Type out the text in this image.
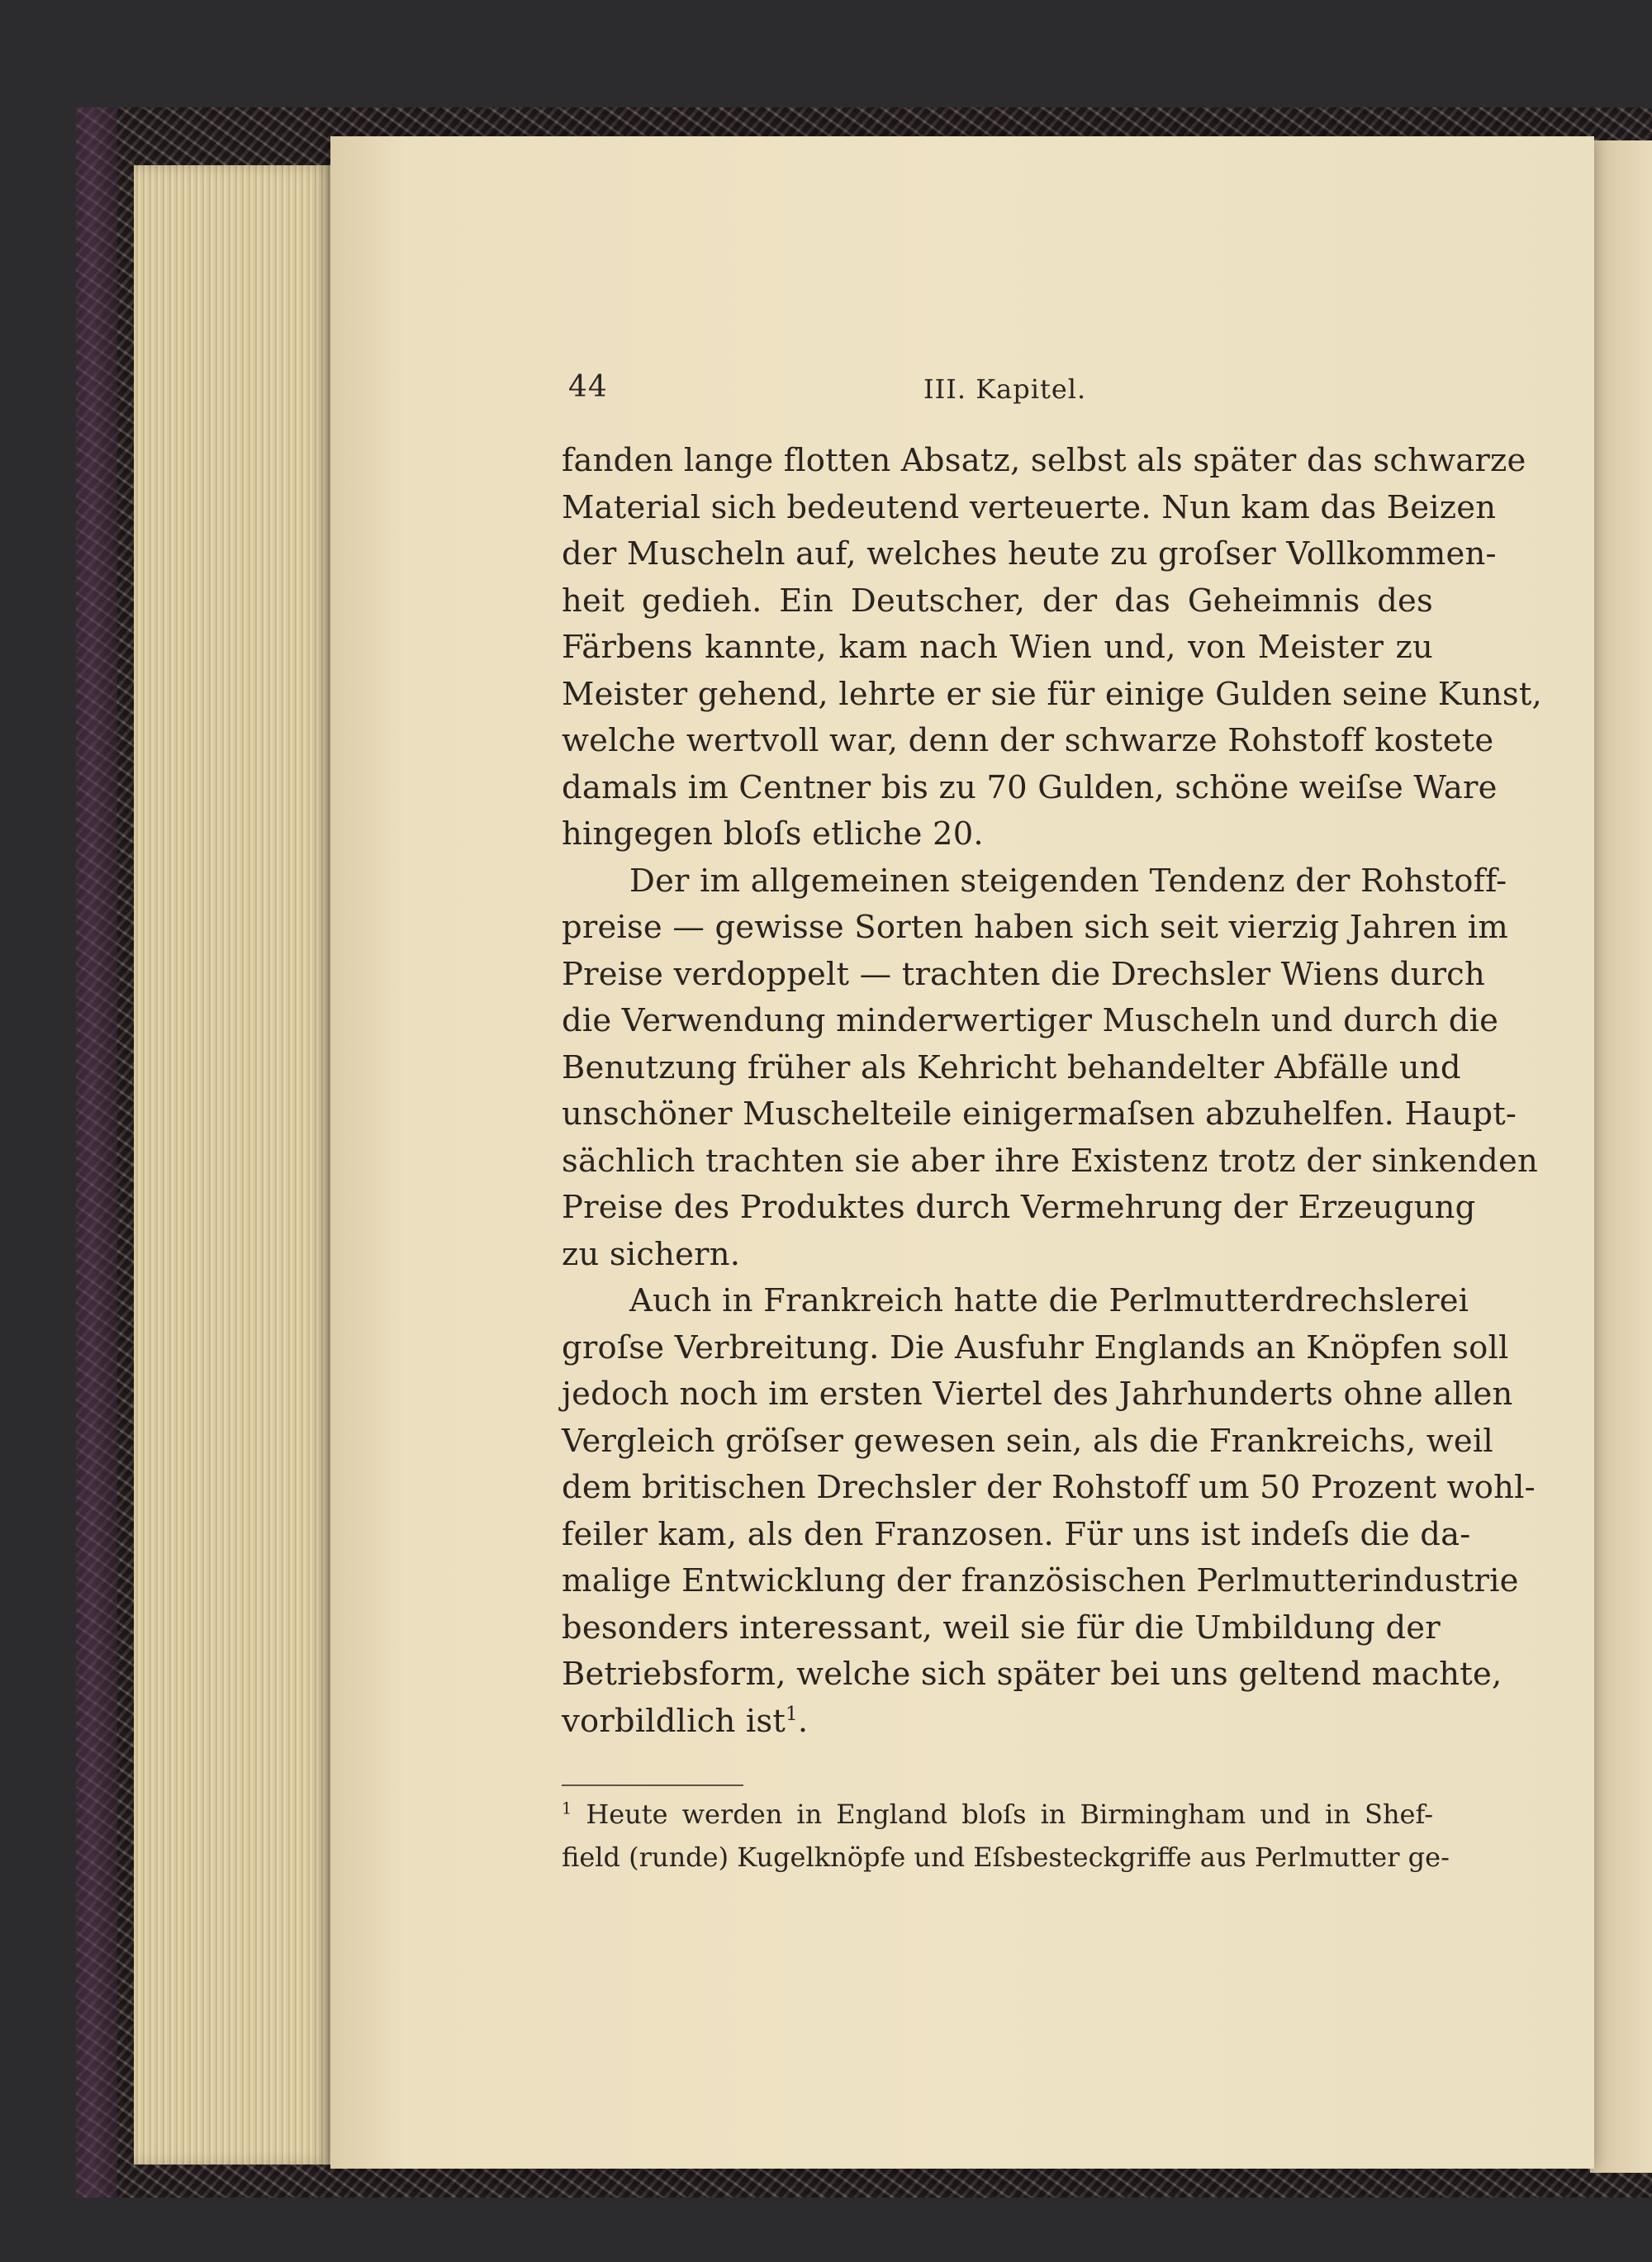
44	III. Kapitel.

fanden lange flotten Absatz, selbst als später das schwarze
Material sich bedeutend verteuerte. Nun kam das Beizen
der Muscheln auf, welches heute zu groſser Vollkommen-
heit gedieh. Ein Deutscher, der das Geheimnis des
Färbens kannte, kam nach Wien und, von Meister zu
Meister gehend, lehrte er sie für einige Gulden seine Kunst,
welche wertvoll war, denn der schwarze Rohstoff kostete
damals im Centner bis zu 70 Gulden, schöne weiſse Ware
hingegen bloſs etliche 20.

Der im allgemeinen steigenden Tendenz der Rohstoff-
preise — gewisse Sorten haben sich seit vierzig Jahren im
Preise verdoppelt — trachten die Drechsler Wiens durch
die Verwendung minderwertiger Muscheln und durch die
Benutzung früher als Kehricht behandelter Abfälle und
unschöner Muschelteile einigermaſsen abzuhelfen. Haupt-
sächlich trachten sie aber ihre Existenz trotz der sinkenden
Preise des Produktes durch Vermehrung der Erzeugung
zu sichern.

Auch in Frankreich hatte die Perlmutterdrechslerei
groſse Verbreitung. Die Ausfuhr Englands an Knöpfen soll
jedoch noch im ersten Viertel des Jahrhunderts ohne allen
Vergleich gröſser gewesen sein, als die Frankreichs, weil
dem britischen Drechsler der Rohstoff um 50 Prozent wohl-
feiler kam, als den Franzosen. Für uns ist indeſs die da-
malige Entwicklung der französischen Perlmutterindustrie
besonders interessant, weil sie für die Umbildung der
Betriebsform, welche sich später bei uns geltend machte,
vorbildlich ist$^1$.

$^1$ Heute werden in England bloſs in Birmingham und in Shef-
field (runde) Kugelknöpfe und Eſsbesteckgriffe aus Perlmutter ge-
